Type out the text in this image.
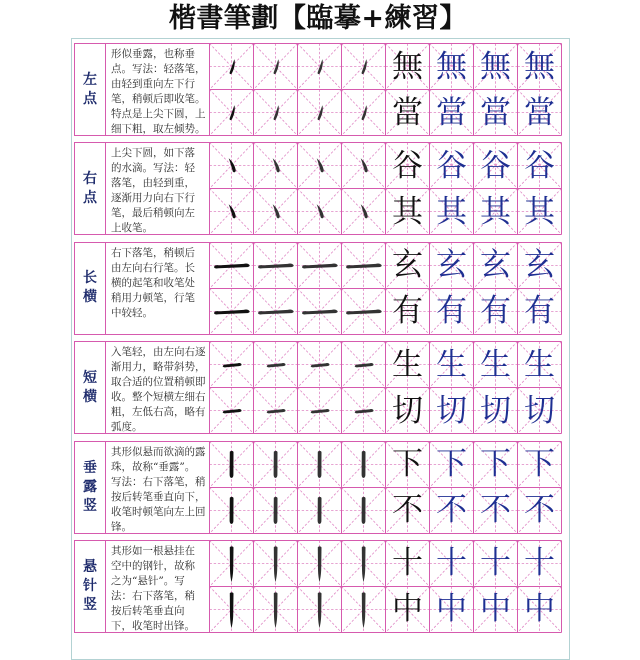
楷書筆劃【臨摹+練習】
左点
形似垂露，也称垂
点。写法：轻落笔，
由轻到重向左下行
笔，稍顿后即收笔。
特点是上尖下圆，上
细下粗，取左倾势。
無 無 無 無
當 當 當 當
右点
上尖下圆，如下落
的水滴。写法：轻
落笔，由轻到重，
逐渐用力向右下行
笔，最后稍顿向左
上收笔。
谷 谷 谷 谷
其 其 其 其
长横
右下落笔，稍顿后
由左向右行笔。长
横的起笔和收笔处
稍用力顿笔，行笔
中较轻。
玄 玄 玄 玄
有 有 有 有
短横
入笔轻，由左向右逐
渐用力，略带斜势，
取合适的位置稍顿即
收。整个短横左细右
粗，左低右高，略有
弧度。
生 生 生 生
切 切 切 切
垂露竖
其形似悬而欲滴的露
珠，故称“垂露”。
写法：右下落笔，稍
按后转笔垂直向下，
收笔时顿笔向左上回
锋。
下 下 下 下
不 不 不 不
悬针竖
其形如一根悬挂在
空中的钢针，故称
之为“悬针”。写
法：右下落笔，稍
按后转笔垂直向
下，收笔时出锋。
十 十 十 十
中 中 中 中
